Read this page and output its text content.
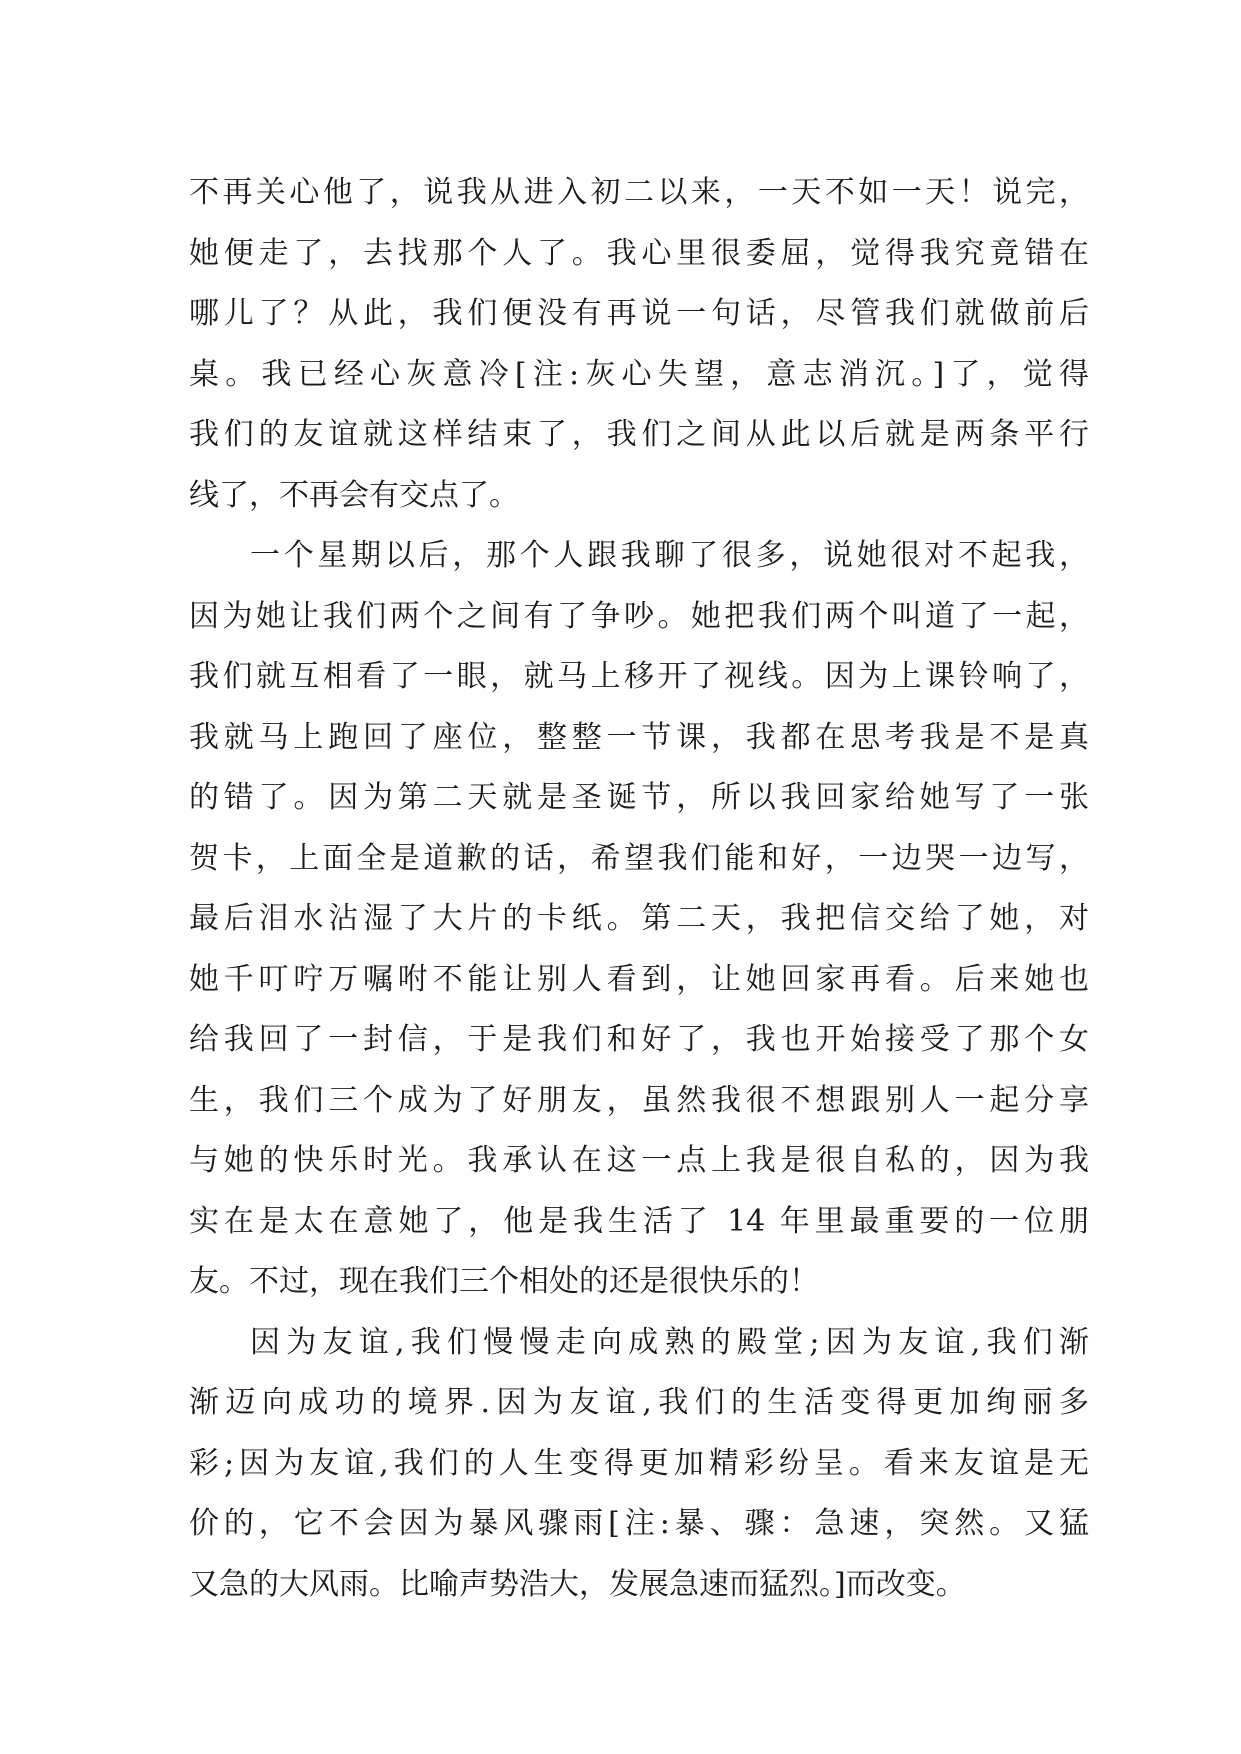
不再关心他了，说我从进入初二以来，一天不如一天！说完，
她便走了，去找那个人了。我心里很委屈，觉得我究竟错在
哪儿了？从此，我们便没有再说一句话，尽管我们就做前后
桌。我已经心灰意冷[注:灰心失望，意志消沉。]了，觉得
我们的友谊就这样结束了，我们之间从此以后就是两条平行
线了，不再会有交点了。

一个星期以后，那个人跟我聊了很多，说她很对不起我，
因为她让我们两个之间有了争吵。她把我们两个叫道了一起，
我们就互相看了一眼，就马上移开了视线。因为上课铃响了，
我就马上跑回了座位，整整一节课，我都在思考我是不是真
的错了。因为第二天就是圣诞节，所以我回家给她写了一张
贺卡，上面全是道歉的话，希望我们能和好，一边哭一边写，
最后泪水沾湿了大片的卡纸。第二天，我把信交给了她，对
她千叮咛万嘱咐不能让别人看到，让她回家再看。后来她也
给我回了一封信，于是我们和好了，我也开始接受了那个女
生，我们三个成为了好朋友，虽然我很不想跟别人一起分享
与她的快乐时光。我承认在这一点上我是很自私的，因为我
实在是太在意她了，他是我生活了 14 年里最重要的一位朋
友。不过，现在我们三个相处的还是很快乐的！

因为友谊,我们慢慢走向成熟的殿堂;因为友谊,我们渐
渐迈向成功的境界.因为友谊,我们的生活变得更加绚丽多
彩;因为友谊,我们的人生变得更加精彩纷呈。看来友谊是无
价的，它不会因为暴风骤雨[注:暴、骤：急速，突然。又猛
又急的大风雨。比喻声势浩大，发展急速而猛烈。]而改变。
